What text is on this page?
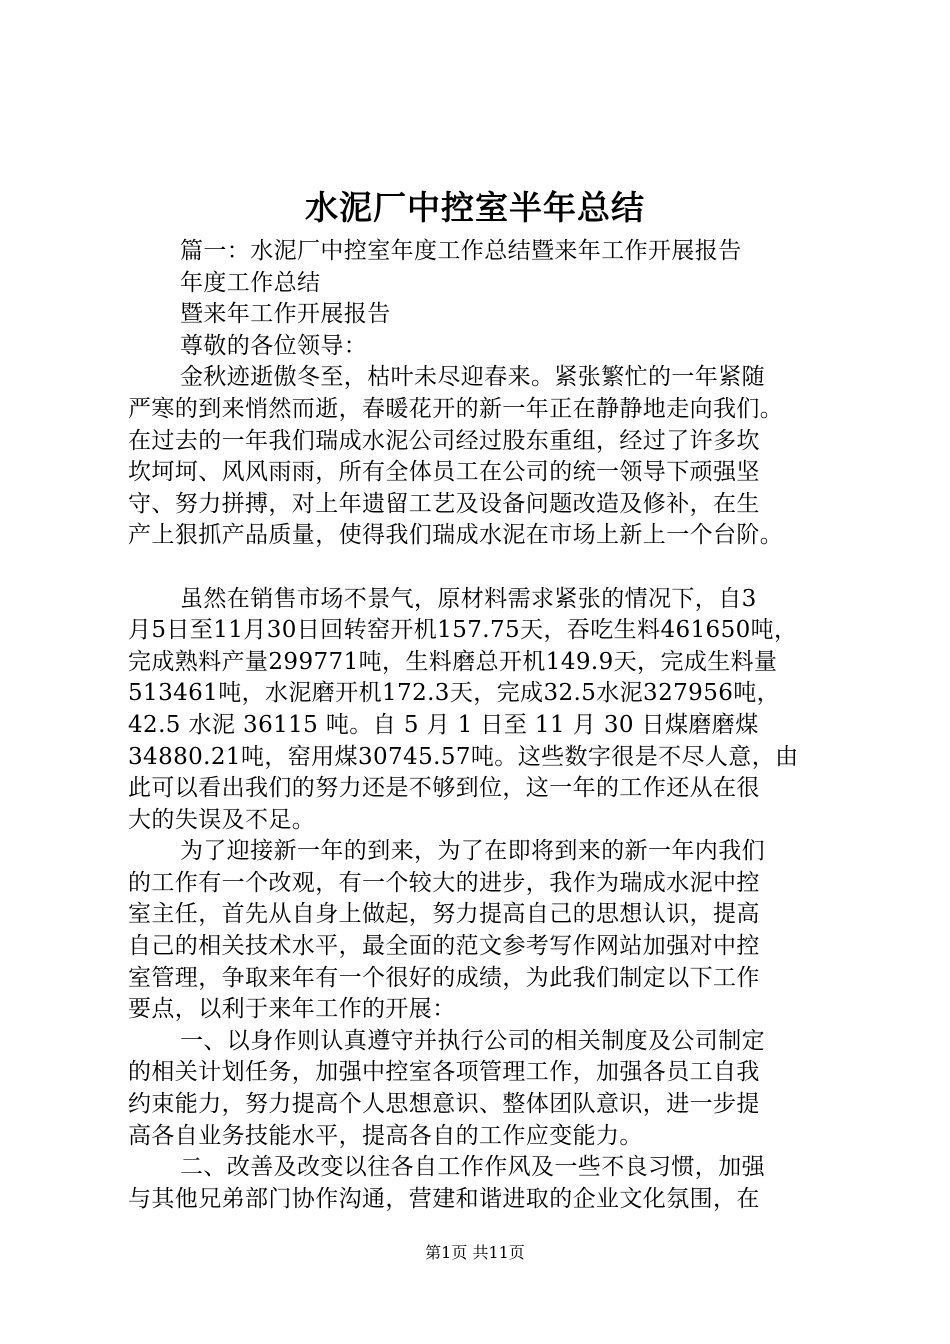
水泥厂中控室半年总结
篇一：水泥厂中控室年度工作总结暨来年工作开展报告
年度工作总结
暨来年工作开展报告
尊敬的各位领导：
金秋迹逝傲冬至，枯叶未尽迎春来。紧张繁忙的一年紧随
严寒的到来悄然而逝，春暖花开的新一年正在静静地走向我们。
在过去的一年我们瑞成水泥公司经过股东重组，经过了许多坎
坎坷坷、风风雨雨，所有全体员工在公司的统一领导下顽强坚
守、努力拼搏，对上年遗留工艺及设备问题改造及修补，在生
产上狠抓产品质量，使得我们瑞成水泥在市场上新上一个台阶。
虽然在销售市场不景气，原材料需求紧张的情况下，自3
月5日至11月30日回转窑开机157.75天，吞吃生料461650吨，
完成熟料产量299771吨，生料磨总开机149.9天，完成生料量
513461吨，水泥磨开机172.3天，完成32.5水泥327956吨，
42.5 水泥 36115 吨。自 5 月 1 日至 11 月 30 日煤磨磨煤
34880.21吨，窑用煤30745.57吨。这些数字很是不尽人意，由
此可以看出我们的努力还是不够到位，这一年的工作还从在很
大的失误及不足。
为了迎接新一年的到来，为了在即将到来的新一年内我们
的工作有一个改观，有一个较大的进步，我作为瑞成水泥中控
室主任，首先从自身上做起，努力提高自己的思想认识，提高
自己的相关技术水平，最全面的范文参考写作网站加强对中控
室管理，争取来年有一个很好的成绩，为此我们制定以下工作
要点，以利于来年工作的开展：
一、以身作则认真遵守并执行公司的相关制度及公司制定
的相关计划任务，加强中控室各项管理工作，加强各员工自我
约束能力，努力提高个人思想意识、整体团队意识，进一步提
高各自业务技能水平，提高各自的工作应变能力。
二、改善及改变以往各自工作作风及一些不良习惯，加强
与其他兄弟部门协作沟通，营建和谐进取的企业文化氛围，在
第1页 共11页
